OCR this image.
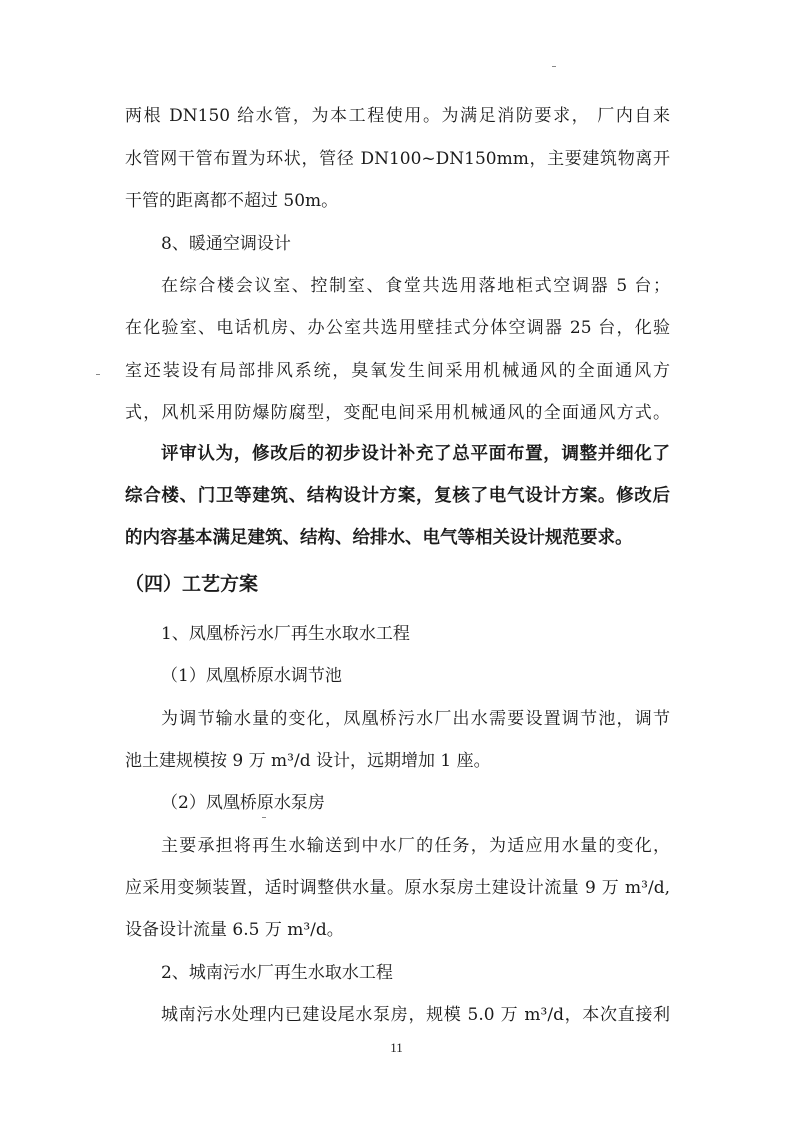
两根 DN150 给水管，为本工程使用。为满足消防要求， 厂内自来
水管网干管布置为环状，管径 DN100~DN150mm，主要建筑物离开
干管的距离都不超过 50m。
8、暖通空调设计
在综合楼会议室、控制室、食堂共选用落地柜式空调器 5 台；
在化验室、电话机房、办公室共选用壁挂式分体空调器 25 台，化验
室还装设有局部排风系统，臭氧发生间采用机械通风的全面通风方
式，风机采用防爆防腐型，变配电间采用机械通风的全面通风方式。
评审认为，修改后的初步设计补充了总平面布置，调整并细化了
综合楼、门卫等建筑、结构设计方案，复核了电气设计方案。修改后
的内容基本满足建筑、结构、给排水、电气等相关设计规范要求。
（四）工艺方案
1、凤凰桥污水厂再生水取水工程
（1）凤凰桥原水调节池
为调节输水量的变化，凤凰桥污水厂出水需要设置调节池，调节
池土建规模按 9 万 m³/d 设计，远期增加 1 座。
（2）凤凰桥原水泵房
主要承担将再生水输送到中水厂的任务，为适应用水量的变化，
应采用变频装置，适时调整供水量。原水泵房土建设计流量 9 万 m³/d,
设备设计流量 6.5 万 m³/d。
2、城南污水厂再生水取水工程
城南污水处理内已建设尾水泵房，规模 5.0 万 m³/d，本次直接利
11
